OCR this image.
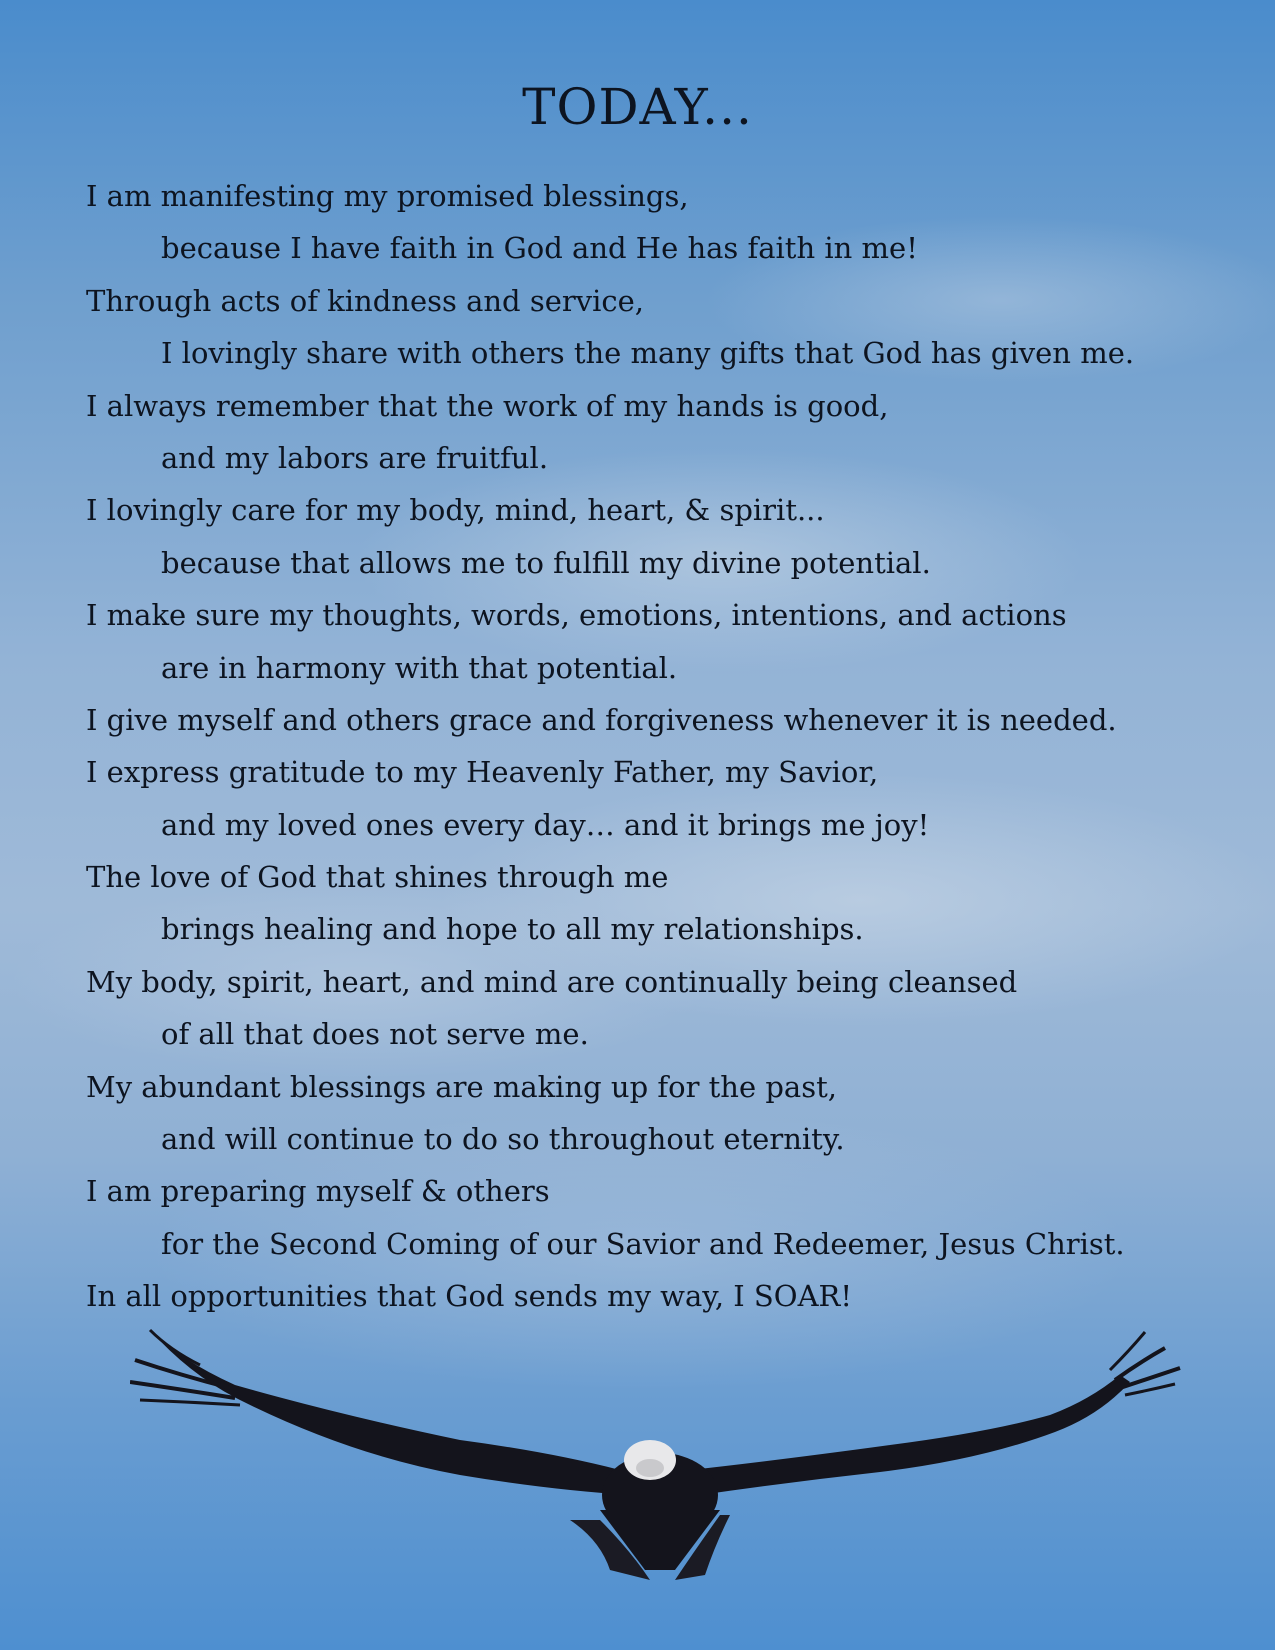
TODAY...
I am manifesting my promised blessings,
because I have faith in God and He has faith in me!
Through acts of kindness and service,
I lovingly share with others the many gifts that God has given me.
I always remember that the work of my hands is good,
and my labors are fruitful.
I lovingly care for my body, mind, heart, & spirit...
because that allows me to fulfill my divine potential.
I make sure my thoughts, words, emotions, intentions, and actions
are in harmony with that potential.
I give myself and others grace and forgiveness whenever it is needed.
I express gratitude to my Heavenly Father, my Savior,
and my loved ones every day… and it brings me joy!
The love of God that shines through me
brings healing and hope to all my relationships.
My body, spirit, heart, and mind are continually being cleansed
of all that does not serve me.
My abundant blessings are making up for the past,
and will continue to do so throughout eternity.
I am preparing myself & others
for the Second Coming of our Savior and Redeemer, Jesus Christ.
In all opportunities that God sends my way, I SOAR!
